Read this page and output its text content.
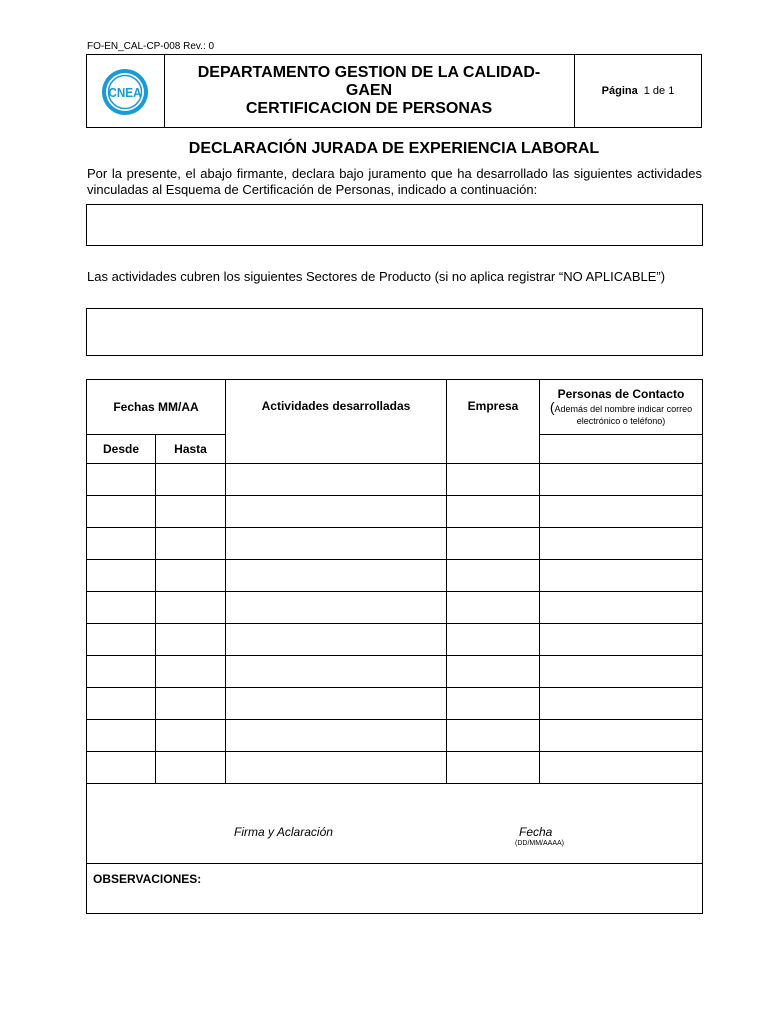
FO-EN_CAL-CP-008 Rev.: 0
CNEA
DEPARTAMENTO GESTION DE LA CALIDAD-
GAEN
CERTIFICACION DE PERSONAS
Página 1 de 1
DECLARACIÓN JURADA DE EXPERIENCIA LABORAL
Por la presente, el abajo firmante, declara bajo juramento que ha desarrollado las siguientes actividades vinculadas al Esquema de Certificación de Personas, indicado a continuación:
Las actividades cubren los siguientes Sectores de Producto (si no aplica registrar “NO APLICABLE”)
Fechas MM/AA		Actividades desarrolladas	Empresa	Personas de Contacto
(Además del nombre indicar correo electrónico o teléfono)

Desde	Hasta			

Firma y Aclaración Fecha
(DD/MM/AAAA)				

OBSERVACIONES:				
